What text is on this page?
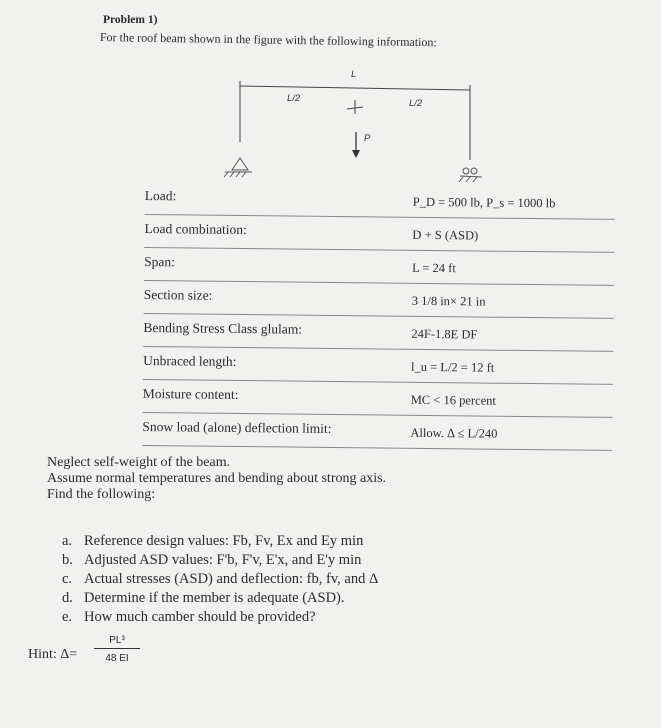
Problem 1)
For the roof beam shown in the figure with the following information:
L
L/2	L/2
P
Load:	P_D = 500 lb, P_s = 1000 lb
Load combination:	D + S (ASD)
Span:	L = 24 ft
Section size:	3 1/8 in× 21 in
Bending Stress Class glulam:	24F-1.8E DF
Unbraced length:	l_u = L/2 = 12 ft
Moisture content:	MC < 16 percent
Snow load (alone) deflection limit:	Allow. Δ ≤ L/240
Neglect self-weight of the beam.
Assume normal temperatures and bending about strong axis.
Find the following:
a. Reference design values: Fb, Fv, Ex and Ey min
b. Adjusted ASD values: F'b, F'v, E'x, and E'y min
c. Actual stresses (ASD) and deflection: fb, fv, and Δ
d. Determine if the member is adequate (ASD).
e. How much camber should be provided?
Hint: $\Delta= \frac{\text{PL³}}{48 EI}$
